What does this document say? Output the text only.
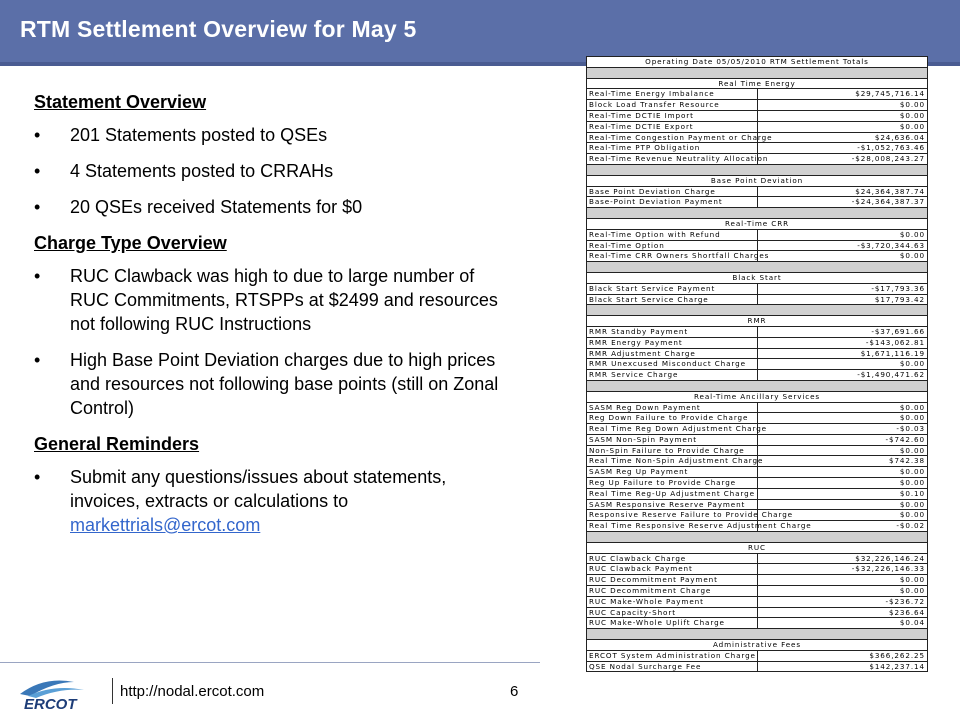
RTM Settlement Overview for May 5
Statement Overview
• 201 Statements posted to QSEs
• 4 Statements posted to CRRAHs
• 20 QSEs received Statements for $0
Charge Type Overview
• RUC Clawback was high to due to large number of RUC Commitments, RTSPPs at $2499 and resources not following RUC Instructions
• High Base Point Deviation charges due to high prices and resources not following base points (still on Zonal Control)
General Reminders
• Submit any questions/issues about statements, invoices, extracts or calculations to markettrials@ercot.com
ERCOT
http://nodal.ercot.com	6
Operating Date 05/05/2010 RTM Settlement Totals	

Real Time Energy	
Real-Time Energy Imbalance	$29,745,716.14
Block Load Transfer Resource	$0.00
Real-Time DCTIE Import	$0.00
Real-Time DCTIE Export	$0.00
Real-Time Congestion Payment or Charge	$24,636.04
Real-Time PTP Obligation	-$1,052,763.46
Real-Time Revenue Neutrality Allocation	-$28,008,243.27

Base Point Deviation	
Base Point Deviation Charge	$24,364,387.74
Base-Point Deviation Payment	-$24,364,387.37

Real-Time CRR	
Real-Time Option with Refund	$0.00
Real-Time Option	-$3,720,344.63
Real-Time CRR Owners Shortfall Charges	$0.00

Black Start	
Black Start Service Payment	-$17,793.36
Black Start Service Charge	$17,793.42

RMR	
RMR Standby Payment	-$37,691.66
RMR Energy Payment	-$143,062.81
RMR Adjustment Charge	$1,671,116.19
RMR Unexcused Misconduct Charge	$0.00
RMR Service Charge	-$1,490,471.62

Real-Time Ancillary Services	
SASM Reg Down Payment	$0.00
Reg Down Failure to Provide Charge	$0.00
Real Time Reg Down Adjustment Charge	-$0.03
SASM Non-Spin Payment	-$742.60
Non-Spin Failure to Provide Charge	$0.00
Real Time Non-Spin Adjustment Charge	$742.38
SASM Reg Up Payment	$0.00
Reg Up Failure to Provide Charge	$0.00
Real Time Reg-Up Adjustment Charge	$0.10
SASM Responsive Reserve Payment	$0.00
Responsive Reserve Failure to Provide Charge	$0.00
Real Time Responsive Reserve Adjustment Charge	-$0.02

RUC	
RUC Clawback Charge	$32,226,146.24
RUC Clawback Payment	-$32,226,146.33
RUC Decommitment Payment	$0.00
RUC Decommitment Charge	$0.00
RUC Make-Whole Payment	-$236.72
RUC Capacity-Short	$236.64
RUC Make-Whole Uplift Charge	$0.04

Administrative Fees	
ERCOT System Administration Charge	$366,262.25
QSE Nodal Surcharge Fee	$142,237.14
